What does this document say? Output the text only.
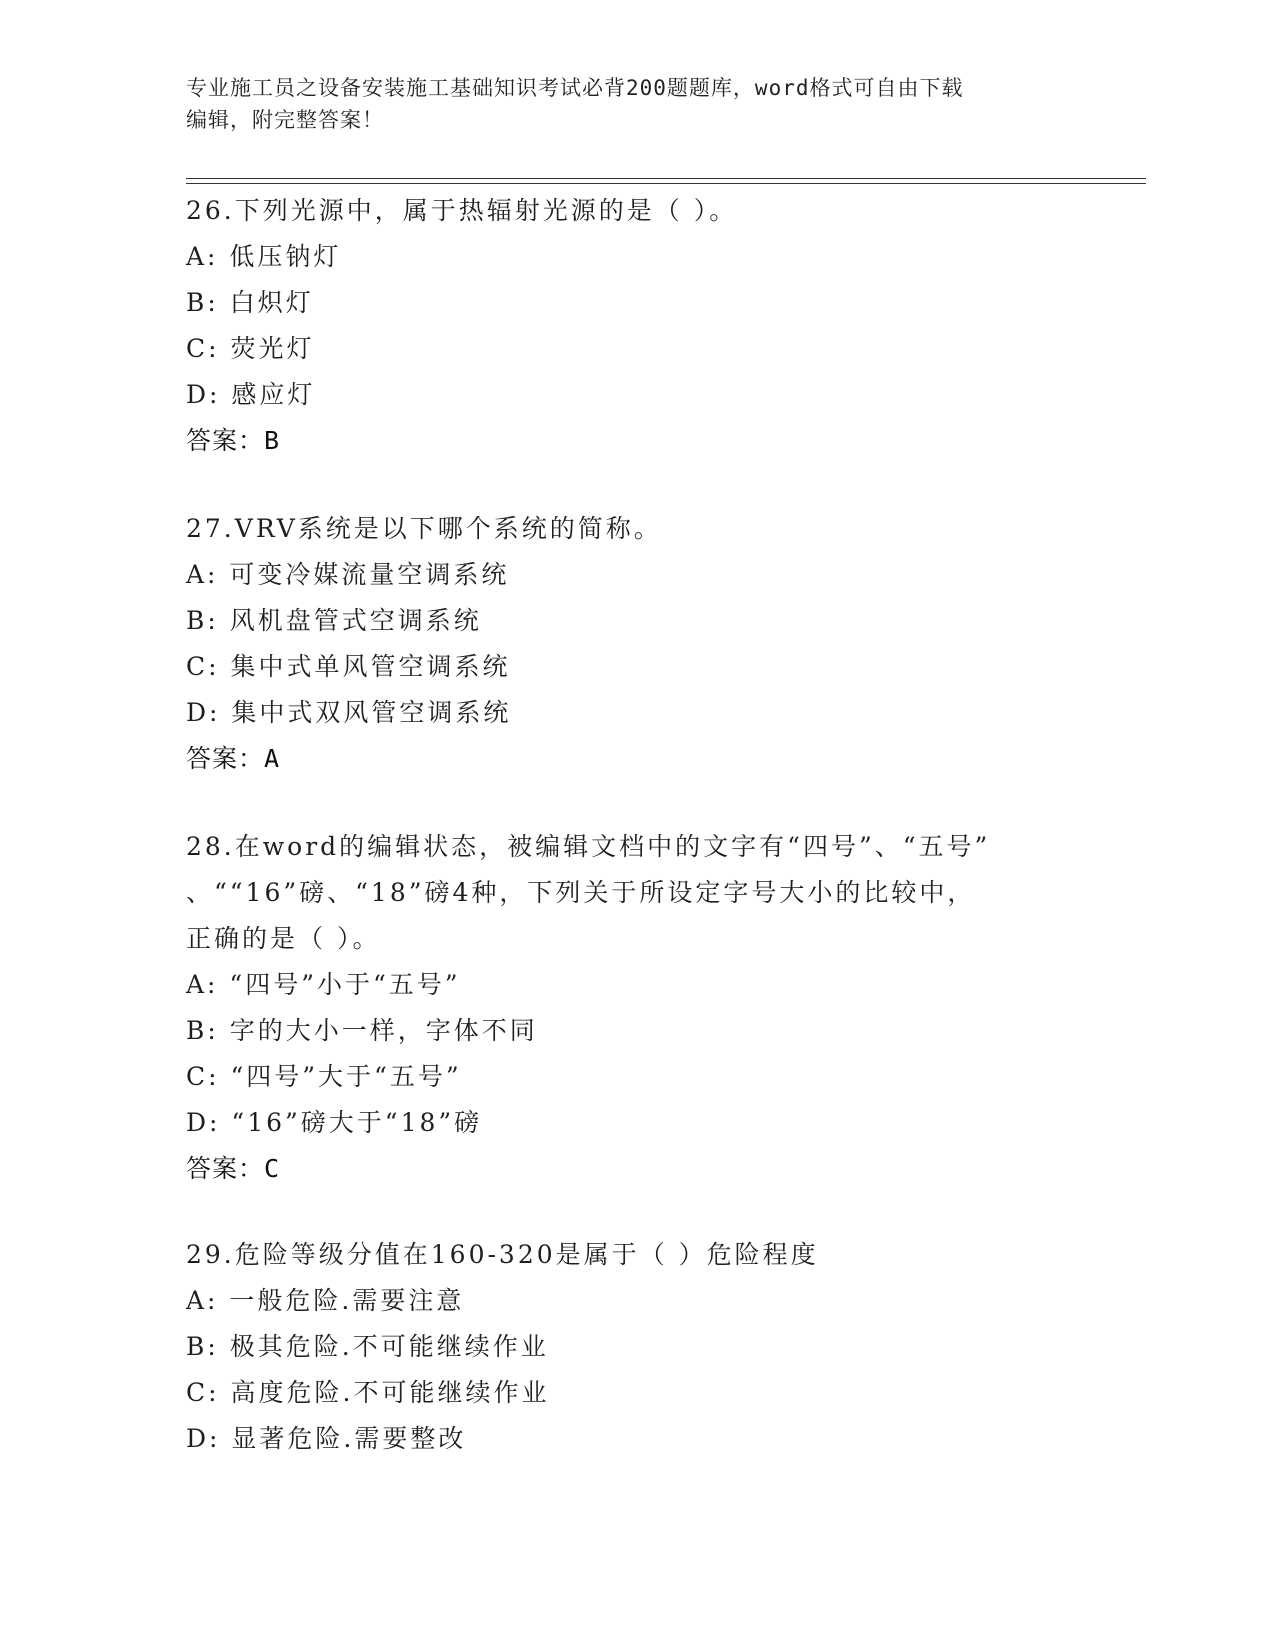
专业施工员之设备安装施工基础知识考试必背200题题库，word格式可自由下载
编辑，附完整答案！
26.下列光源中，属于热辐射光源的是（ ）。
A: 低压钠灯
B: 白炽灯
C: 荧光灯
D: 感应灯
答案：B
27.VRV系统是以下哪个系统的简称。
A: 可变冷媒流量空调系统
B: 风机盘管式空调系统
C: 集中式单风管空调系统
D: 集中式双风管空调系统
答案：A
28.在word的编辑状态，被编辑文档中的文字有“四号”、“五号”
、““16”磅、“18”磅4种，下列关于所设定字号大小的比较中，
正确的是（ ）。
A: “四号”小于“五号”
B: 字的大小一样，字体不同
C: “四号”大于“五号”
D: “16”磅大于“18”磅
答案：C
29.危险等级分值在160-320是属于（ ）危险程度
A: 一般危险.需要注意
B: 极其危险.不可能继续作业
C: 高度危险.不可能继续作业
D: 显著危险.需要整改
